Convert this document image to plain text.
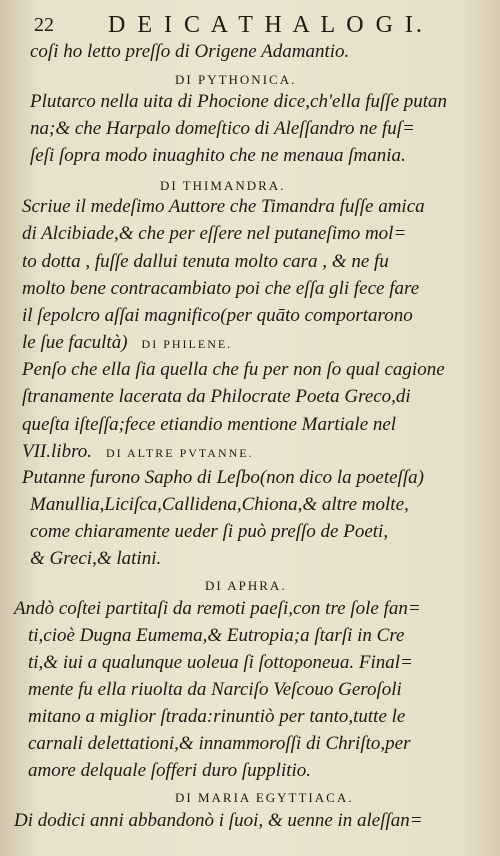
22 D E I C A T H A L O G I.
coſi ho letto preſſo di Origene Adamantio.
Plutarco nella uita di Phocione dice,ch'ella fuſſe putan
na;& che Harpalo domeſtico di Aleſſandro ne fuſ=
ſeſi ſopra modo inuaghito che ne menaua ſmania.
Scriue il medeſimo Auttore che Timandra fuſſe amica
di Alcibiade,& che per eſſere nel putaneſimo mol=
to dotta , fuſſe dallui tenuta molto cara , & ne fu
molto bene contracambiato poi che eſſa gli fece fare
il ſepolcro aſſai magnifico(per quāto comportarono
Penſo che ella ſia quella che fu per non ſo qual cagione
ſtranamente lacerata da Philocrate Poeta Greco,di
queſta iſteſſa;fece etiandio mentione Martiale nel
Putanne furono Sapho di Leſbo(non dico la poeteſſa)
Manullia,Liciſca,Callidena,Chiona,& altre molte,
come chiaramente ueder ſi può preſſo de Poeti,
& Greci,& latini.
Andò coſtei partitaſi da remoti paeſi,con tre ſole fan=
ti,cioè Dugna Eumema,& Eutropia;a ſtarſi in Cre
ti,& iui a qualunque uoleua ſi ſottoponeua. Final=
mente fu ella riuolta da Narciſo Veſcouo Geroſoli
mitano a miglior ſtrada:rinuntiò per tanto,tutte le
carnali delettationi,& innammoroſſi di Chriſto,per
amore delquale ſofferi duro ſupplitio.
Di dodici anni abbandonò i ſuoi, & uenne in aleſſan=
le ſue facultà) DI PHILENE.
VII.libro. DI ALTRE PVTANNE.
DI PYTHONICA.
DI THIMANDRA.
DI APHRA.
DI MARIA EGYTTIACA.
